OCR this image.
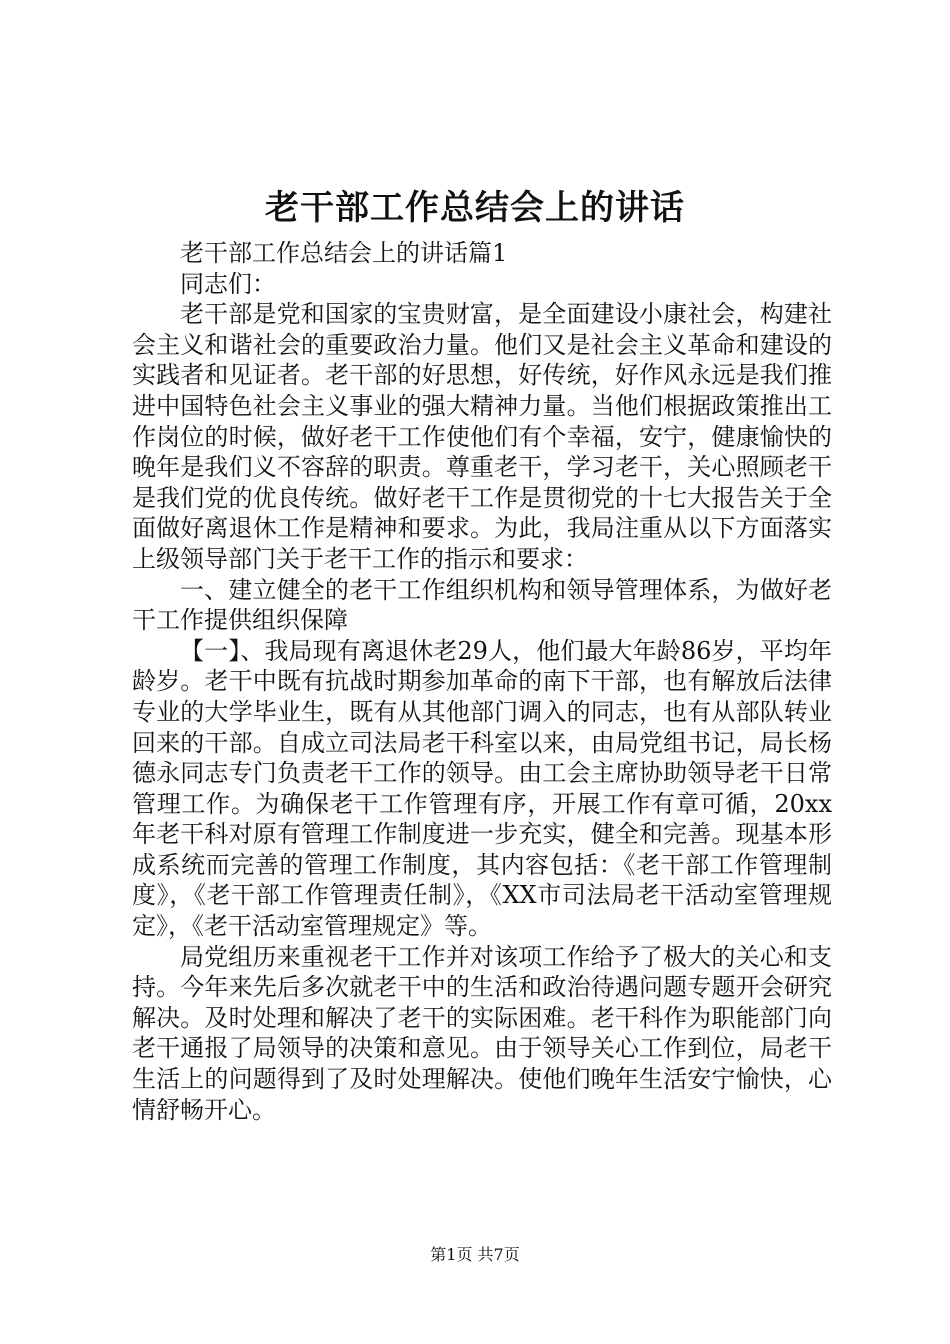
老干部工作总结会上的讲话

老干部工作总结会上的讲话篇1

同志们：

老干部是党和国家的宝贵财富，是全面建设小康社会，构建社会主义和谐社会的重要政治力量。他们又是社会主义革命和建设的实践者和见证者。老干部的好思想，好传统，好作风永远是我们推进中国特色社会主义事业的强大精神力量。当他们根据政策推出工作岗位的时候，做好老干工作使他们有个幸福，安宁，健康愉快的晚年是我们义不容辞的职责。尊重老干，学习老干，关心照顾老干是我们党的优良传统。做好老干工作是贯彻党的十七大报告关于全面做好离退休工作是精神和要求。为此，我局注重从以下方面落实上级领导部门关于老干工作的指示和要求：

一、建立健全的老干工作组织机构和领导管理体系，为做好老干工作提供组织保障

【一】、我局现有离退休老29人，他们最大年龄86岁，平均年龄岁。老干中既有抗战时期参加革命的南下干部，也有解放后法律专业的大学毕业生，既有从其他部门调入的同志，也有从部队转业回来的干部。自成立司法局老干科室以来，由局党组书记，局长杨德永同志专门负责老干工作的领导。由工会主席协助领导老干日常管理工作。为确保老干工作管理有序，开展工作有章可循，20xx年老干科对原有管理工作制度进一步充实，健全和完善。现基本形成系统而完善的管理工作制度，其内容包括：《老干部工作管理制度》，《老干部工作管理责任制》，《XX市司法局老干活动室管理规定》，《老干活动室管理规定》等。

局党组历来重视老干工作并对该项工作给予了极大的关心和支持。今年来先后多次就老干中的生活和政治待遇问题专题开会研究解决。及时处理和解决了老干的实际困难。老干科作为职能部门向老干通报了局领导的决策和意见。由于领导关心工作到位，局老干生活上的问题得到了及时处理解决。使他们晚年生活安宁愉快，心情舒畅开心。

第1页 共7页
